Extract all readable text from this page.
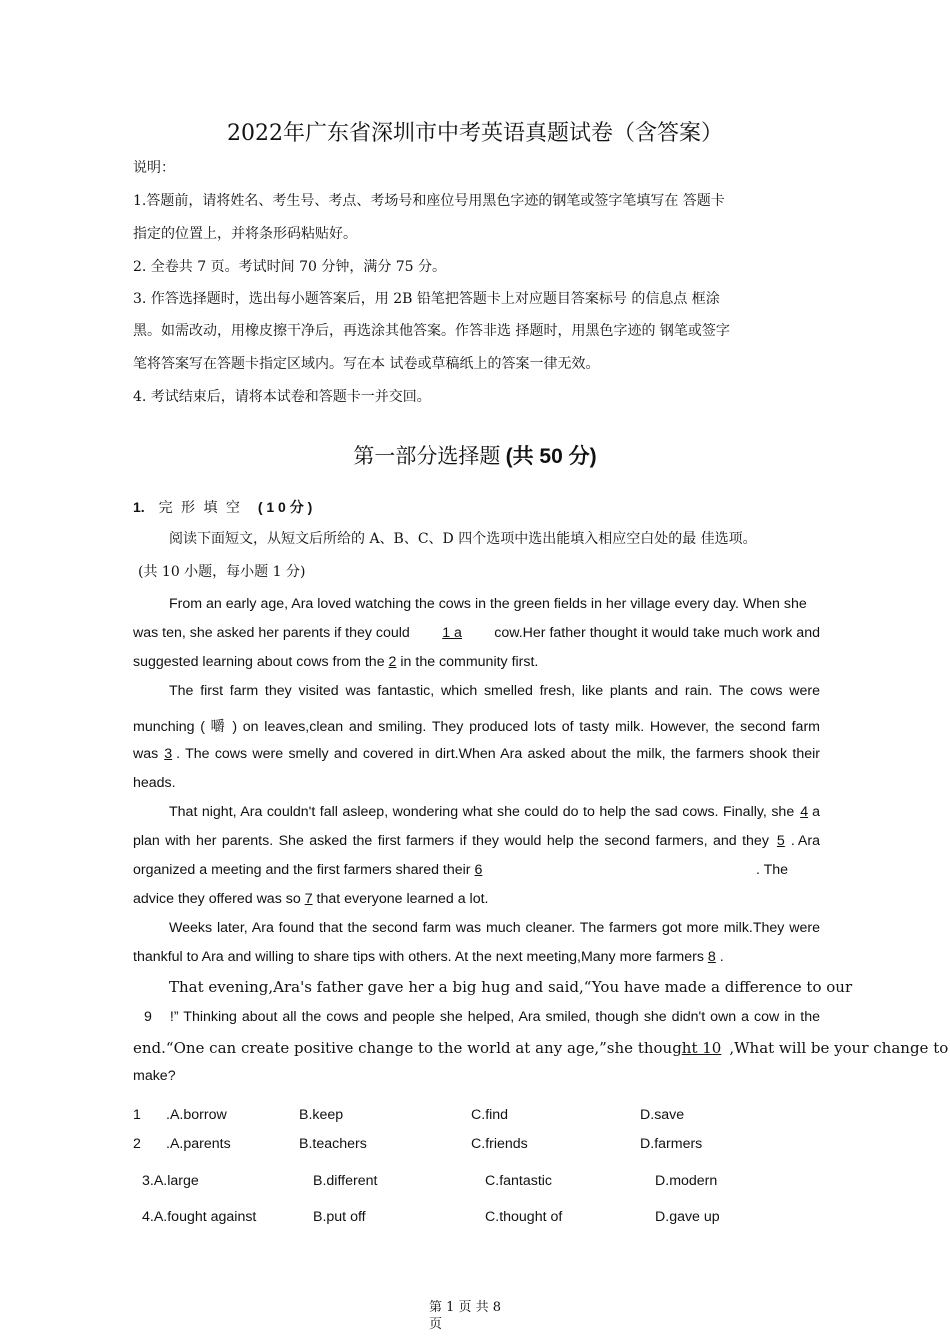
2022年广东省深圳市中考英语真题试卷（含答案）
说明：
1.答题前，请将姓名、考生号、考点、考场号和座位号用黑色字迹的钢笔或签字笔填写在 答题卡
指定的位置上，并将条形码粘贴好。
2. 全卷共 7 页。考试时间 70 分钟，满分 75 分。
3. 作答选择题时，选出每小题答案后，用 2B 铅笔把答题卡上对应题目答案标号 的信息点 框涂
黑。如需改动，用橡皮擦干净后，再选涂其他答案。作答非选 择题时，用黑色字迹的 钢笔或签字
笔将答案写在答题卡指定区域内。写在本 试卷或草稿纸上的答案一律无效。
4. 考试结束后，请将本试卷和答题卡一并交回。
第一部分选择题 (共 50 分)
1. 完 形 填 空 ( 1 0 分 )
阅读下面短文，从短文后所给的 A、B、C、D 四个选项中选出能填入相应空白处的最 佳选项。
(共 10 小题，每小题 1 分)
From an early age, Ara loved watching the cows in the green fields in her village every day. When she
was ten, she asked her parents if they could 1 a cow.Her father thought it would take much work and
suggested learning about cows from the 2 in the community first.
The first farm they visited was fantastic, which smelled fresh, like plants and rain. The cows were
munching ( 嚼 ) on leaves,clean and smiling. They produced lots of tasty milk. However, the second farm
was 3 . The cows were smelly and covered in dirt.When Ara asked about the milk, the farmers shook their
heads.
That night, Ara couldn't fall asleep, wondering what she could do to help the sad cows. Finally, she 4 a
plan with her parents. She asked the first farmers if they would help the second farmers, and they 5 . Ara
organized a meeting and the first farmers shared their 6	. The
advice they offered was so 7 that everyone learned a lot.
Weeks later, Ara found that the second farm was much cleaner. The farmers got more milk.They were
thankful to Ara and willing to share tips with others. At the next meeting,Many more farmers 8 .
That evening,Ara's father gave her a big hug and said,“You have made a difference to our
9 !” Thinking about all the cows and people she helped, Ara smiled, though she didn't own a cow in the
end.“One can create positive change to the world at any age,”she thoug ht 10 ,What will be your change to
make?
1 .A.borrow	B.keep	C.find	D.save
2 .A.parents	B.teachers	C.friends	D.farmers
3.A.large	B.different	C.fantastic	D.modern
4.A.fought against	B.put off	C.thought of	D.gave up
第 1 页 共 8
页
